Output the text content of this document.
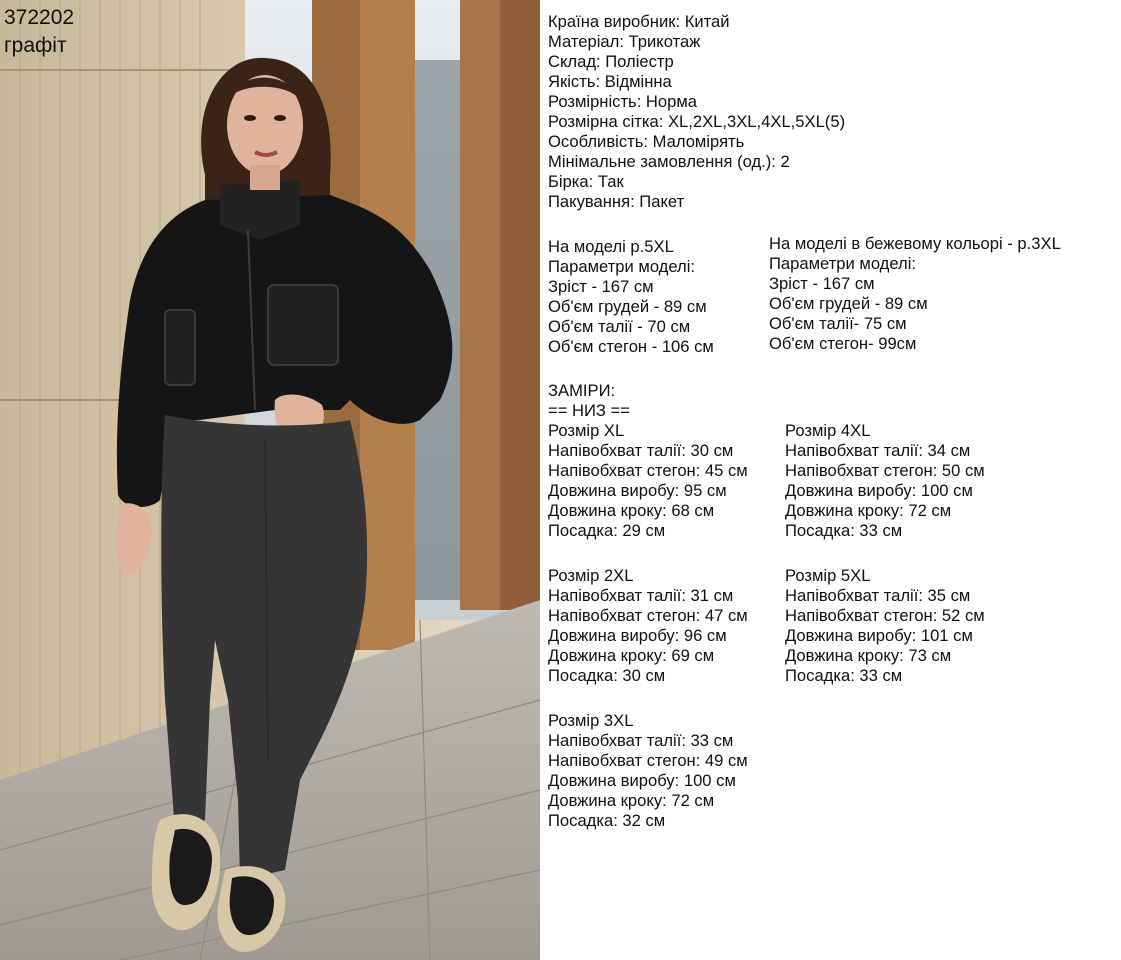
372202
графіт
Країна виробник: Китай
Матеріал: Трикотаж
Склад: Поліестр
Якість: Відмінна
Розмірність: Норма
Розмірна сітка: XL,2XL,3XL,4XL,5XL(5)
Особливість: Маломірять
Мінімальне замовлення (од.): 2
Бірка: Так
Пакування: Пакет
На моделі р.5XL
Параметри моделі:
Зріст - 167 см
Об'єм грудей - 89 см
Об'єм талії - 70 см
Об'єм стегон - 106 см
На моделі в бежевому кольорі - р.3XL
Параметри моделі:
Зріст - 167 см
Об'єм грудей - 89 см
Об'єм талії- 75 см
Об'єм стегон- 99см
ЗАМІРИ:
== НИЗ ==
Розмір XL
Напівобхват талії: 30 см
Напівобхват стегон: 45 см
Довжина виробу: 95 см
Довжина кроку: 68 см
Посадка: 29 см
Розмір 4XL
Напівобхват талії: 34 см
Напівобхват стегон: 50 см
Довжина виробу: 100 см
Довжина кроку: 72 см
Посадка: 33 см
Розмір 2XL
Напівобхват талії: 31 см
Напівобхват стегон: 47 см
Довжина виробу: 96 см
Довжина кроку: 69 см
Посадка: 30 см
Розмір 5XL
Напівобхват талії: 35 см
Напівобхват стегон: 52 см
Довжина виробу: 101 см
Довжина кроку: 73 см
Посадка: 33 см
Розмір 3XL
Напівобхват талії: 33 см
Напівобхват стегон: 49 см
Довжина виробу: 100 см
Довжина кроку: 72 см
Посадка: 32 см
